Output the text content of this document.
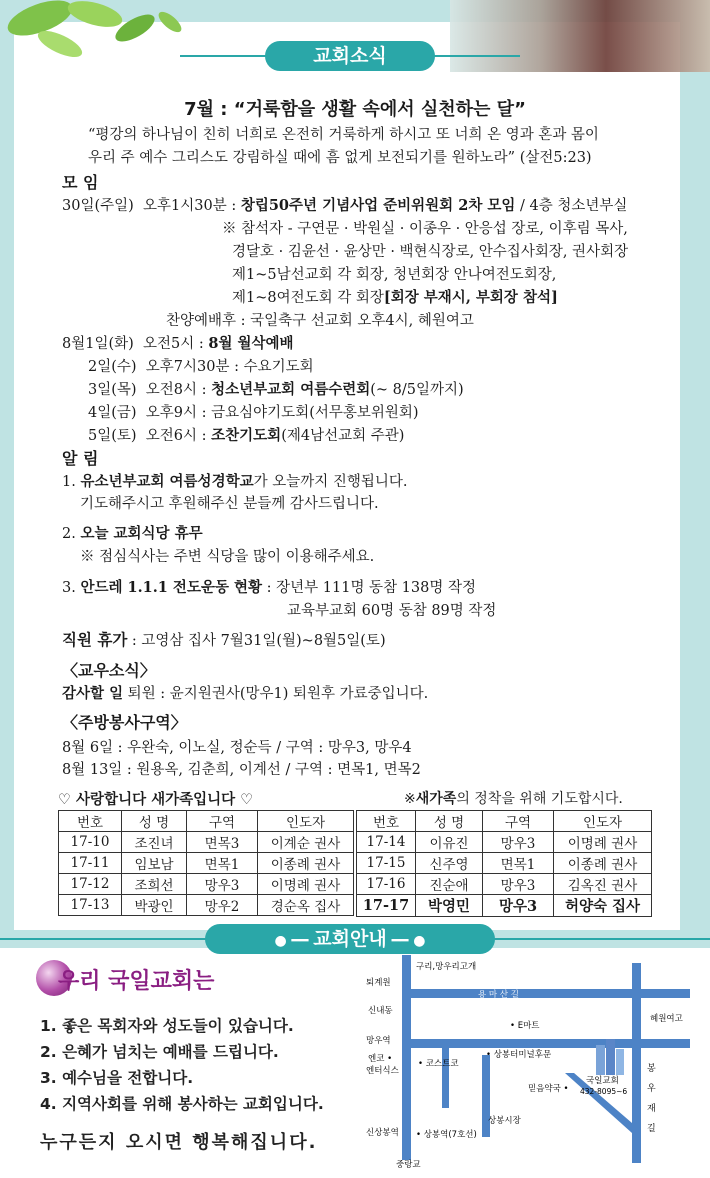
교회소식
7월 : “거룩함을 생활 속에서 실천하는 달”
“평강의 하나님이 친히 너희로 온전히 거룩하게 하시고 또 너희 온 영과 혼과 몸이
우리 주 예수 그리스도 강림하실 때에 흠 없게 보전되기를 원하노라” (살전5:23)
모 임
30일(주일) 오후1시30분 : 창립50주년 기념사업 준비위원회 2차 모임 / 4층 청소년부실
※ 참석자 - 구연문 · 박원실 · 이종우 · 안응섭 장로, 이후림 목사,
경달호 · 김윤선 · 윤상만 · 백현식장로, 안수집사회장, 권사회장
제1~5남선교회 각 회장, 청년회장 안나여전도회장,
제1~8여전도회 각 회장[회장 부재시, 부회장 참석]
찬양예배후 : 국일축구 선교회 오후4시, 혜원여고
8월1일(화) 오전5시 : 8월 월삭예배
2일(수) 오후7시30분 : 수요기도회
3일(목) 오전8시 : 청소년부교회 여름수련회(~ 8/5일까지)
4일(금) 오후9시 : 금요심야기도회(서무홍보위원회)
5일(토) 오전6시 : 조찬기도회(제4남선교회 주관)
알 림
1. 유소년부교회 여름성경학교가 오늘까지 진행됩니다.
기도해주시고 후원해주신 분들께 감사드립니다.
2. 오늘 교회식당 휴무
※ 점심식사는 주변 식당을 많이 이용해주세요.
3. 안드레 1.1.1 전도운동 현황 : 장년부 111명 동참 138명 작정
교육부교회 60명 동참 89명 작정
직원 휴가 : 고영삼 집사 7월31일(월)~8월5일(토)
〈교우소식〉
감사할 일 퇴원 : 윤지원권사(망우1) 퇴원후 가료중입니다.
〈주방봉사구역〉
8월 6일 : 우완숙, 이노실, 정순득 / 구역 : 망우3, 망우4
8월 13일 : 원용옥, 김춘희, 이계선 / 구역 : 면목1, 면목2
♡ 사랑합니다 새가족입니다 ♡	※새가족의 정착을 위해 기도합시다.
번호	성 명	구역	인도자
17-10	조진녀	면목3	이계순 권사
17-11	임보남	면목1	이종례 권사
17-12	조희선	망우3	이명례 권사
17-13	박광인	망우2	경순옥 집사
번호	성 명	구역	인도자
17-14	이유진	망우3	이명례 권사
17-15	신주영	면목1	이종례 권사
17-16	진순애	망우3	김옥진 권사
17-17	박영민	망우3	허양숙 집사
● ━━ 교회안내 ━━ ●
우리 국일교회는
1. 좋은 목회자와 성도들이 있습니다.
2. 은혜가 넘치는 예배를 드립니다.
3. 예수님을 전합니다.
4. 지역사회를 위해 봉사하는 교회입니다.
누구든지 오시면 행복해집니다.
구리,망우리고개
퇴계원
용 마 산 길
신내동
혜원여고
• E마트
망우역
엔코 •
엔터식스
• 코스트코
• 상봉터미널후문
국일교회
432-8095~6
믿음약국 •
봉
우
재
길
상봉시장
신상봉역 • 상봉역(7호선)
중랑교
